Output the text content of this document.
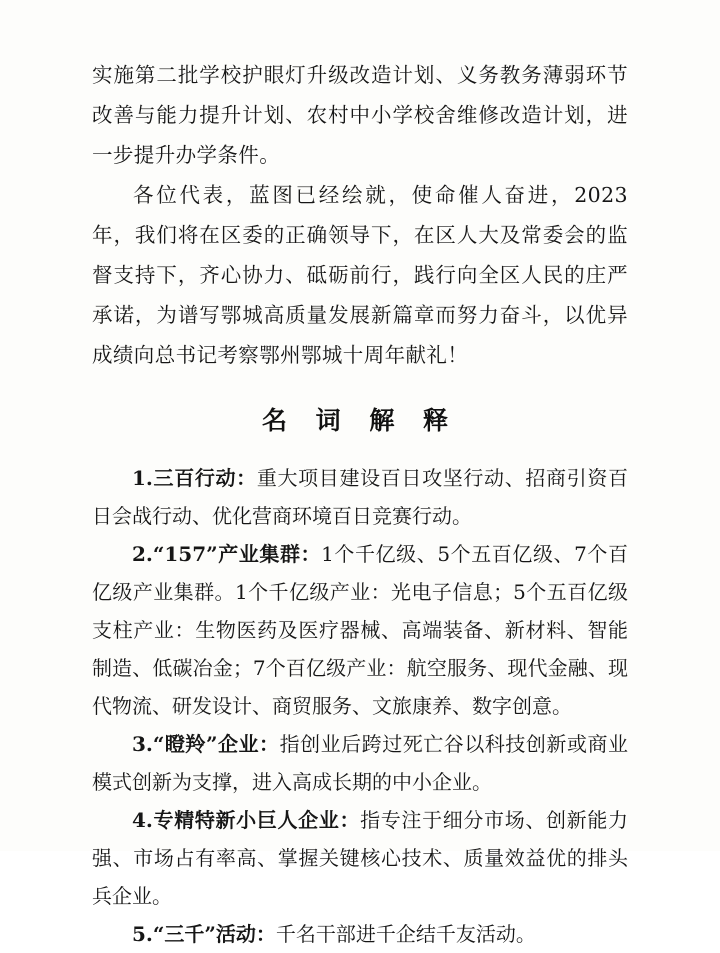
实施第二批学校护眼灯升级改造计划、义务教务薄弱环节改善与能力提升计划、农村中小学校舍维修改造计划，进一步提升办学条件。

各位代表，蓝图已经绘就，使命催人奋进，2023 年，我们将在区委的正确领导下，在区人大及常委会的监督支持下，齐心协力、砥砺前行，践行向全区人民的庄严承诺，为谱写鄂城高质量发展新篇章而努力奋斗，以优异成绩向总书记考察鄂州鄂城十周年献礼！

名 词 解 释

1.三百行动：重大项目建设百日攻坚行动、招商引资百日会战行动、优化营商环境百日竞赛行动。

2.“157”产业集群：1个千亿级、5个五百亿级、7个百亿级产业集群。1个千亿级产业：光电子信息；5个五百亿级支柱产业：生物医药及医疗器械、高端装备、新材料、智能制造、低碳冶金；7个百亿级产业：航空服务、现代金融、现代物流、研发设计、商贸服务、文旅康养、数字创意。

3.“瞪羚”企业：指创业后跨过死亡谷以科技创新或商业模式创新为支撑，进入高成长期的中小企业。

4.专精特新小巨人企业：指专注于细分市场、创新能力强、市场占有率高、掌握关键核心技术、质量效益优的排头兵企业。

5.“三千”活动：千名干部进千企结千友活动。
